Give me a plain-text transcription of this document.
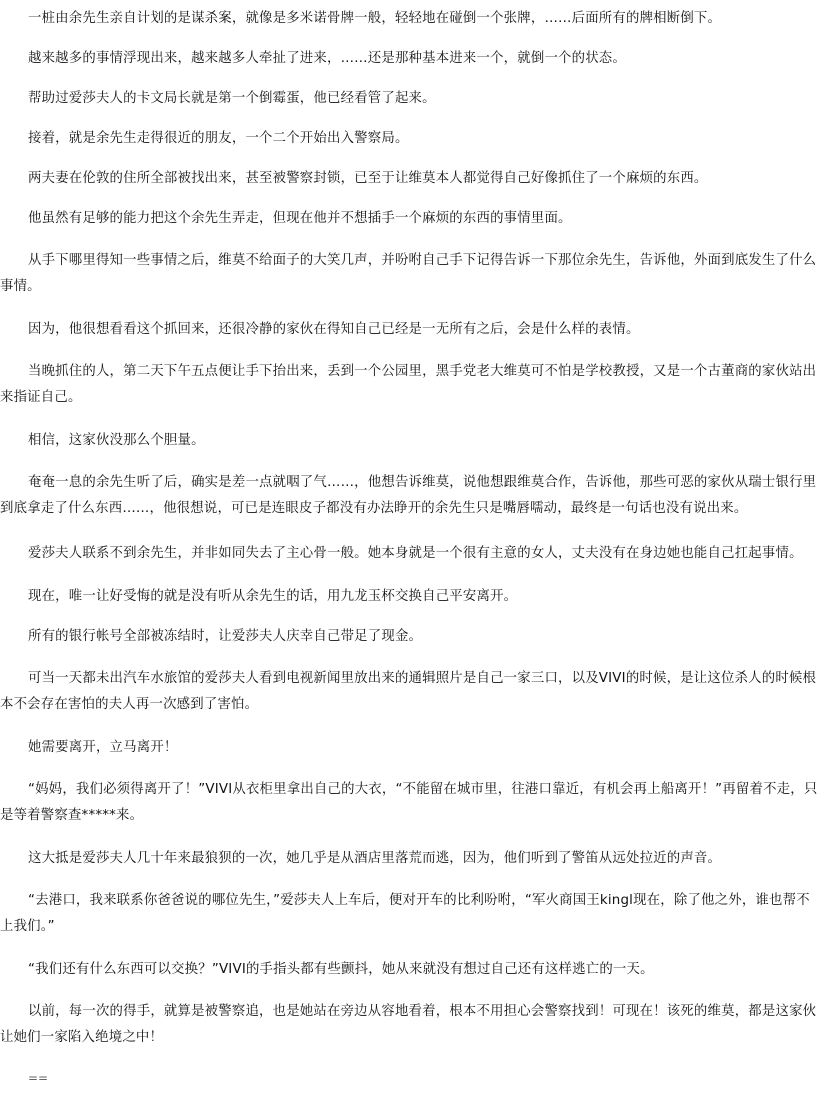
一桩由余先生亲自计划的是谋杀案，就像是多米诺骨牌一般，轻轻地在碰倒一个张牌，……后面所有的牌相断倒下。

越来越多的事情浮现出来，越来越多人牵扯了进来，……还是那种基本进来一个，就倒一个的状态。

帮助过爱莎夫人的卡文局长就是第一个倒霉蛋，他已经看管了起来。

接着，就是余先生走得很近的朋友，一个二个开始出入警察局。

两夫妻在伦敦的住所全部被找出来，甚至被警察封锁，已至于让维莫本人都觉得自己好像抓住了一个麻烦的东西。

他虽然有足够的能力把这个余先生弄走，但现在他并不想插手一个麻烦的东西的事情里面。

从手下哪里得知一些事情之后，维莫不给面子的大笑几声，并吩咐自己手下记得告诉一下那位余先生，告诉他，外面到底发生了什么事情。

因为，他很想看看这个抓回来，还很冷静的家伙在得知自己已经是一无所有之后，会是什么样的表情。

当晚抓住的人，第二天下午五点便让手下抬出来，丢到一个公园里，黑手党老大维莫可不怕是学校教授，又是一个古董商的家伙站出来指证自己。

相信，这家伙没那么个胆量。

奄奄一息的余先生听了后，确实是差一点就咽了气……，他想告诉维莫，说他想跟维莫合作，告诉他，那些可恶的家伙从瑞士银行里到底拿走了什么东西……，他很想说，可已是连眼皮子都没有办法睁开的余先生只是嘴唇嚅动，最终是一句话也没有说出来。

爱莎夫人联系不到余先生，并非如同失去了主心骨一般。她本身就是一个很有主意的女人，丈夫没有在身边她也能自己扛起事情。

现在，唯一让好受悔的就是没有听从余先生的话，用九龙玉杯交换自己平安离开。

所有的银行帐号全部被冻结时，让爱莎夫人庆幸自己带足了现金。

可当一天都未出汽车水旅馆的爱莎夫人看到电视新闻里放出来的通辑照片是自己一家三口，以及VIVI的时候，是让这位杀人的时候根本不会存在害怕的夫人再一次感到了害怕。

她需要离开，立马离开！

“妈妈，我们必须得离开了！”VIVI从衣柜里拿出自己的大衣，“不能留在城市里，往港口靠近，有机会再上船离开！”再留着不走，只是等着警察查*****来。

这大抵是爱莎夫人几十年来最狼狈的一次，她几乎是从酒店里落荒而逃，因为，他们听到了警笛从远处拉近的声音。

“去港口，我来联系你爸爸说的哪位先生，”爱莎夫人上车后，便对开车的比利吩咐，“军火商国王kingl现在，除了他之外，谁也帮不上我们。”

“我们还有什么东西可以交换？”VIVI的手指头都有些颤抖，她从来就没有想过自己还有这样逃亡的一天。

以前，每一次的得手，就算是被警察追，也是她站在旁边从容地看着，根本不用担心会警察找到！可现在！该死的维莫，都是这家伙让她们一家陷入绝境之中！

==
